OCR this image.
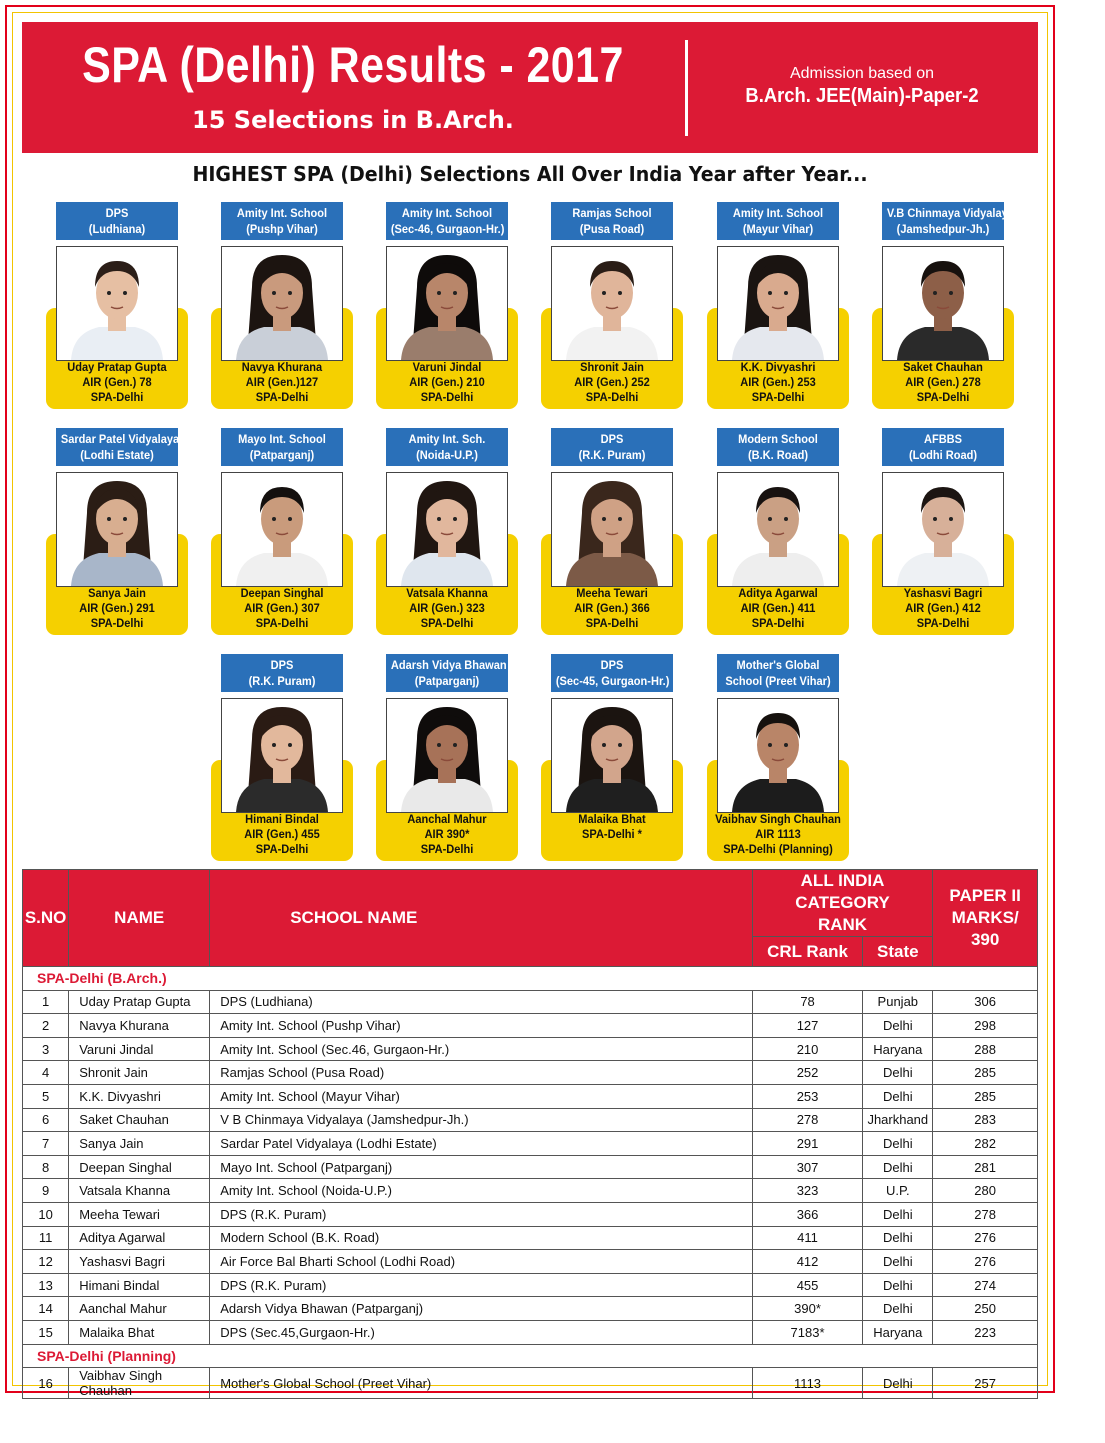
SPA (Delhi) Results - 2017
15 Selections in B.Arch.
Admission based on
B.Arch. JEE(Main)-Paper-2
HIGHEST SPA (Delhi) Selections All Over India Year after Year...
DPS
(Ludhiana)
Uday Pratap Gupta
AIR (Gen.) 78
SPA-Delhi
Amity Int. School
(Pushp Vihar)
Navya Khurana
AIR (Gen.)127
SPA-Delhi
Amity Int. School
(Sec-46, Gurgaon-Hr.)
Varuni Jindal
AIR (Gen.) 210
SPA-Delhi
Ramjas School
(Pusa Road)
Shronit Jain
AIR (Gen.) 252
SPA-Delhi
Amity Int. School
(Mayur Vihar)
K.K. Divyashri
AIR (Gen.) 253
SPA-Delhi
V.B Chinmaya Vidyalaya
(Jamshedpur-Jh.)
Saket Chauhan
AIR (Gen.) 278
SPA-Delhi
Sardar Patel Vidyalaya
(Lodhi Estate)
Sanya Jain
AIR (Gen.) 291
SPA-Delhi
Mayo Int. School
(Patparganj)
Deepan Singhal
AIR (Gen.) 307
SPA-Delhi
Amity Int. Sch.
(Noida-U.P.)
Vatsala Khanna
AIR (Gen.) 323
SPA-Delhi
DPS
(R.K. Puram)
Meeha Tewari
AIR (Gen.) 366
SPA-Delhi
Modern School
(B.K. Road)
Aditya Agarwal
AIR (Gen.) 411
SPA-Delhi
AFBBS
(Lodhi Road)
Yashasvi Bagri
AIR (Gen.) 412
SPA-Delhi
DPS
(R.K. Puram)
Himani Bindal
AIR (Gen.) 455
SPA-Delhi
Adarsh Vidya Bhawan
(Patparganj)
Aanchal Mahur
AIR 390*
SPA-Delhi
DPS
(Sec-45, Gurgaon-Hr.)
Malaika Bhat
SPA-Delhi *
Mother's Global
School (Preet Vihar)
Vaibhav Singh Chauhan
AIR 1113
SPA-Delhi (Planning)
S.NO	NAME	SCHOOL NAME	ALL INDIA CATEGORY RANK		PAPER II MARKS/ 390
			CRL Rank	State	
SPA-Delhi (B.Arch.)					
1	Uday Pratap Gupta	DPS (Ludhiana)	78	Punjab	306
2	Navya Khurana	Amity Int. School (Pushp Vihar)	127	Delhi	298
3	Varuni Jindal	Amity Int. School (Sec.46, Gurgaon-Hr.)	210	Haryana	288
4	Shronit Jain	Ramjas School (Pusa Road)	252	Delhi	285
5	K.K. Divyashri	Amity Int. School (Mayur Vihar)	253	Delhi	285
6	Saket Chauhan	V B Chinmaya Vidyalaya (Jamshedpur-Jh.)	278	Jharkhand	283
7	Sanya Jain	Sardar Patel Vidyalaya (Lodhi Estate)	291	Delhi	282
8	Deepan Singhal	Mayo Int. School (Patparganj)	307	Delhi	281
9	Vatsala Khanna	Amity Int. School (Noida-U.P.)	323	U.P.	280
10	Meeha Tewari	DPS (R.K. Puram)	366	Delhi	278
11	Aditya Agarwal	Modern School (B.K. Road)	411	Delhi	276
12	Yashasvi Bagri	Air Force Bal Bharti School (Lodhi Road)	412	Delhi	276
13	Himani Bindal	DPS (R.K. Puram)	455	Delhi	274
14	Aanchal Mahur	Adarsh Vidya Bhawan (Patparganj)	390*	Delhi	250
15	Malaika Bhat	DPS (Sec.45,Gurgaon-Hr.)	7183*	Haryana	223
SPA-Delhi (Planning)					
16	Vaibhav Singh Chauhan	Mother's Global School (Preet Vihar)	1113	Delhi	257
